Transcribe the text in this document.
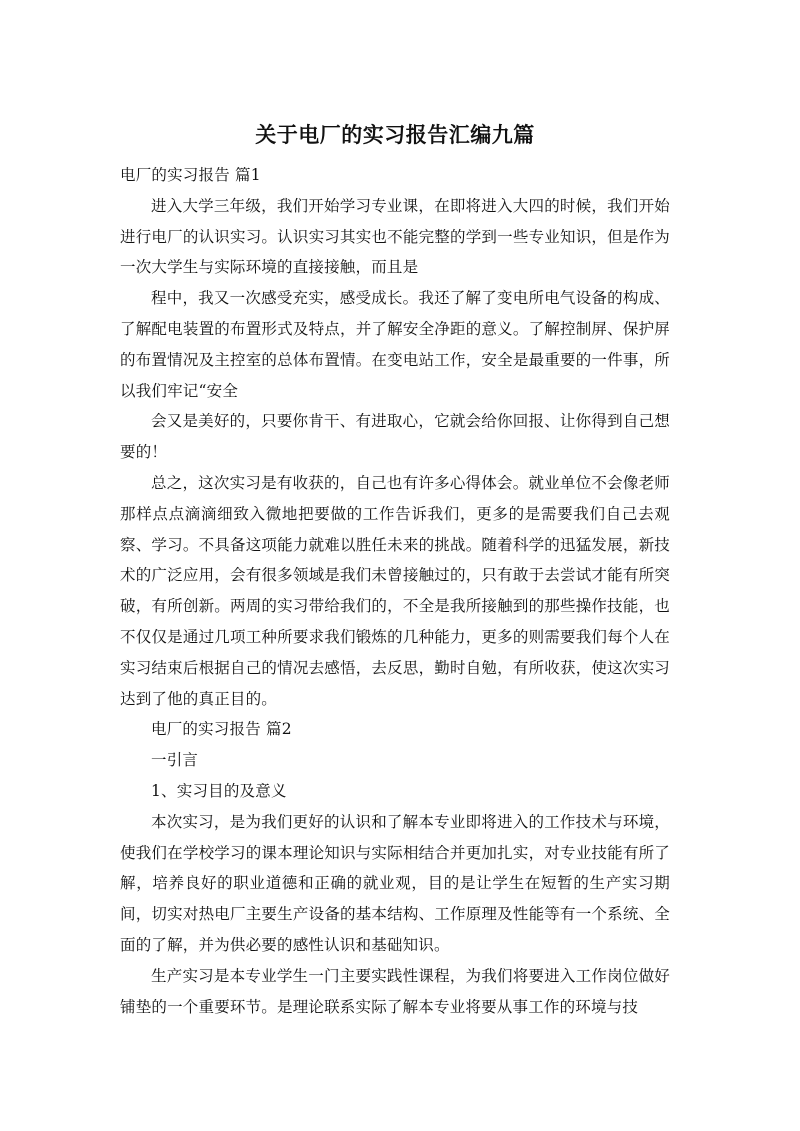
关于电厂的实习报告汇编九篇

电厂的实习报告 篇1

进入大学三年级，我们开始学习专业课，在即将进入大四的时候，我们开始进行电厂的认识实习。认识实习其实也不能完整的学到一些专业知识，但是作为一次大学生与实际环境的直接接触，而且是

程中，我又一次感受充实，感受成长。我还了解了变电所电气设备的构成、了解配电装置的布置形式及特点，并了解安全净距的意义。了解控制屏、保护屏的布置情况及主控室的总体布置情。在变电站工作，安全是最重要的一件事，所以我们牢记“安全

会又是美好的，只要你肯干、有进取心，它就会给你回报、让你得到自己想要的！

总之，这次实习是有收获的，自己也有许多心得体会。就业单位不会像老师那样点点滴滴细致入微地把要做的工作告诉我们，更多的是需要我们自己去观察、学习。不具备这项能力就难以胜任未来的挑战。随着科学的迅猛发展，新技术的广泛应用，会有很多领域是我们未曾接触过的，只有敢于去尝试才能有所突破，有所创新。两周的实习带给我们的，不全是我所接触到的那些操作技能，也不仅仅是通过几项工种所要求我们锻炼的几种能力，更多的则需要我们每个人在实习结束后根据自己的情况去感悟，去反思，勤时自勉，有所收获，使这次实习达到了他的真正目的。

电厂的实习报告 篇2

一引言

1、实习目的及意义

本次实习，是为我们更好的认识和了解本专业即将进入的工作技术与环境，使我们在学校学习的课本理论知识与实际相结合并更加扎实，对专业技能有所了解，培养良好的职业道德和正确的就业观，目的是让学生在短暂的生产实习期间，切实对热电厂主要生产设备的基本结构、工作原理及性能等有一个系统、全面的了解，并为供必要的感性认识和基础知识。

生产实习是本专业学生一门主要实践性课程，为我们将要进入工作岗位做好铺垫的一个重要环节。是理论联系实际了解本专业将要从事工作的环境与技
